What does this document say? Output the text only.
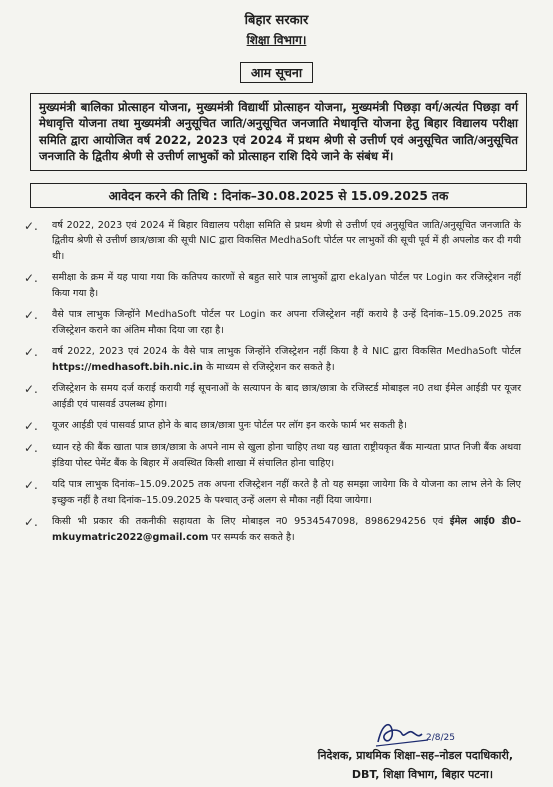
बिहार सरकार
शिक्षा विभाग।
आम सूचना
मुख्यमंत्री बालिका प्रोत्साहन योजना, मुख्यमंत्री विद्यार्थी प्रोत्साहन योजना, मुख्यमंत्री पिछड़ा वर्ग/अत्यंत पिछड़ा वर्ग मेधावृत्ति योजना तथा मुख्यमंत्री अनुसूचित जाति/अनुसूचित जनजाति मेधावृत्ति योजना हेतु बिहार विद्यालय परीक्षा समिति द्वारा आयोजित वर्ष 2022, 2023 एवं 2024 में प्रथम श्रेणी से उत्तीर्ण एवं अनुसूचित जाति/अनुसूचित जनजाति के द्वितीय श्रेणी से उत्तीर्ण लाभुकों को प्रोत्साहन राशि दिये जाने के संबंध में।
आवेदन करने की तिथि : दिनांक–30.08.2025 से 15.09.2025 तक
✓.	वर्ष 2022, 2023 एवं 2024 में बिहार विद्यालय परीक्षा समिति से प्रथम श्रेणी से उत्तीर्ण एवं अनुसूचित जाति/अनुसूचित जनजाति के द्वितीय श्रेणी से उत्तीर्ण छात्र/छात्रा की सूची NIC द्वारा विकसित MedhaSoft पोर्टल पर लाभुकों की सूची पूर्व में ही अपलोड कर दी गयी थी।
✓.	समीक्षा के क्रम में यह पाया गया कि कतिपय कारणों से बहुत सारे पात्र लाभुकों द्वारा ekalyan पोर्टल पर Login कर रजिस्ट्रेशन नहीं किया गया है।
✓.	वैसे पात्र लाभुक जिन्होंने MedhaSoft पोर्टल पर Login कर अपना रजिस्ट्रेशन नहीं कराये है उन्हें दिनांक–15.09.2025 तक रजिस्ट्रेशन कराने का अंतिम मौका दिया जा रहा है।
✓.	वर्ष 2022, 2023 एवं 2024 के वैसे पात्र लाभुक जिन्होंने रजिस्ट्रेशन नहीं किया है वे NIC द्वारा विकसित MedhaSoft पोर्टल https://medhasoft.bih.nic.in के माध्यम से रजिस्ट्रेशन कर सकते है।
✓.	रजिस्ट्रेशन के समय दर्ज कराई करायी गई सूचनाओं के सत्यापन के बाद छात्र/छात्रा के रजिस्टर्ड मोबाइल न0 तथा ईमेल आईडी पर यूजर आईडी एवं पासवर्ड उपलब्ध होगा।
✓.	यूजर आईडी एवं पासवर्ड प्राप्त होने के बाद छात्र/छात्रा पुनः पोर्टल पर लॉग इन करके फार्म भर सकती है।
✓.	ध्यान रहे की बैंक खाता पात्र छात्र/छात्रा के अपने नाम से खुला होना चाहिए तथा यह खाता राष्ट्रीयकृत बैंक मान्यता प्राप्त निजी बैंक अथवा इंडिया पोस्ट पेमेंट बैंक के बिहार में अवस्थित किसी शाखा में संचालित होना चाहिए।
✓.	यदि पात्र लाभुक दिनांक–15.09.2025 तक अपना रजिस्ट्रेशन नहीं करते है तो यह समझा जायेगा कि वे योजना का लाभ लेने के लिए इच्छुक नहीं है तथा दिनांक–15.09.2025 के पश्चात् उन्हें अलग से मौका नहीं दिया जायेगा।
✓.	किसी भी प्रकार की तकनीकी सहायता के लिए मोबाइल न0 9534547098, 8986294256 एवं ईमेल आई0 डी0–mkuymatric2022@gmail.com पर सम्पर्क कर सकते है।
2/8/25
निदेशक, प्राथमिक शिक्षा–सह–नोडल पदाधिकारी,
DBT, शिक्षा विभाग, बिहार पटना।
